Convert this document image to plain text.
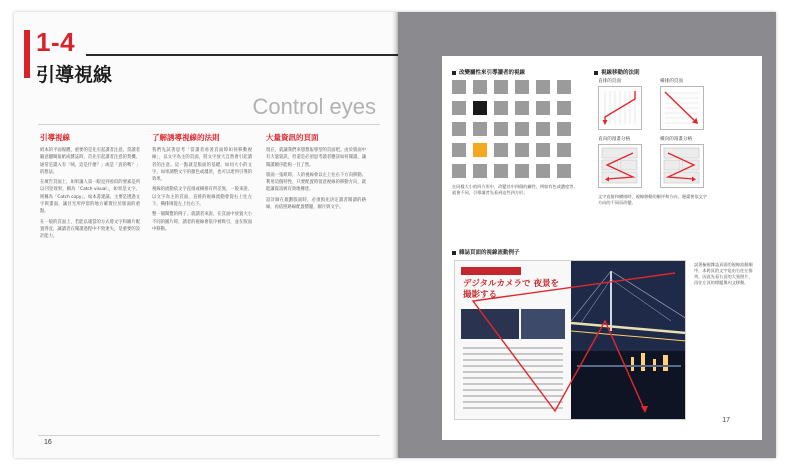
1-4
引導視線
Control eyes
引導視線

紙本的平面媒體，重要的是先引起讀者注意。當讀者隨意翻閱報紙或雜誌時，首先引起讀者注意的契機，通常是讀入有「咦，這是什麼？」或是「真的嗎？」的想法。

在廣告頁面上，如果讓人第一眼見到看似的要素是所以刊登效果，稱為「Catch visual」，如果是文字，則稱為「Catch copy」。如本書建議，主要是透過文字與畫面，讓目光所停留的地方確實位於版面的重點。

在一般的頁面上，若能以適當的方式將文字和圖片配置得宜，讓讀者在閱讀過程中不致迷失，是重要的設計能力。

了解誘導視線的法則

我們先試著思考「當讀者看著頁面時如何移動視線」，以文字為主的頁面，將文字放大自然會引起讀者的注意。這一點就是版面的基礎。如同大小的文字，如果調整文字的顏色或濃淡，也可以達到引導的效果。

視線的流動依文字直排或橫排有所差異，一般來說，以文字為主的頁面，直排的視線流動會從右上往左下，橫排則從左上往右下。

整一個閱覽的例子，就讀者來說，在頁面中放置大小不同的圖片時，讀者的視線會依序被吸引，並在版面中移動。

大量資訊的頁面

現在，就讓我們來想想報導型的頁面吧。由於版面中有大量資訊，但還是必須思考讀者應該如何閱讀，讓閱讀順序能夠一目了然。

版面一張紙時，人的視線會以左上往右下方向移動。利用這個特性，只要配置時留意視線的移動方向，就能讓資訊被有效地傳達。

設計師在規劃版面時，必須預先決定讀者閱讀的路線，再依照路線配置標題、圖片與文字。

16
改變屬性來引導讀者的視線
在同樣大小的四方形中，改變其中四個的屬性，例如有色或濃度等，就會不同，引導讀者先看到這些四方形。
視線移動的法則
直排的頁面	橫排的頁面
直向的漫畫分格	橫向的漫畫分格
文字直排和橫排時，視線移動的順序和方向，漫畫會依文字方向的不同而改變。
雜誌頁面的視線流動例子
デジタルカメラで 夜景を撮影する
試著檢視雜誌頁面的視線流動順序，本跨頁的文字是由右往左排列，因此先看右頁的大張照片，再往左頁的標題與內文移動。
17
